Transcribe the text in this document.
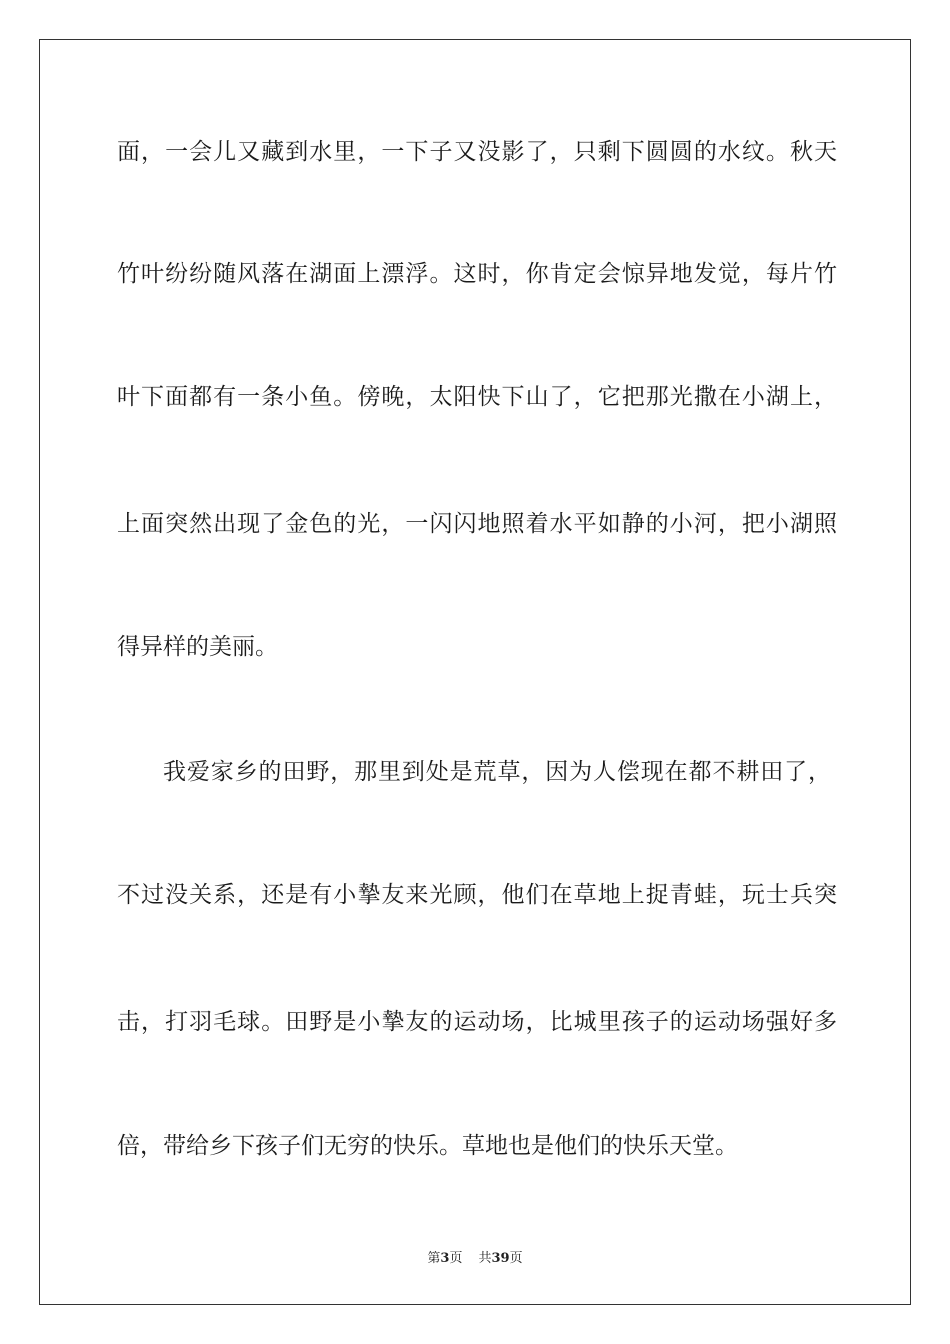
面，一会儿又藏到水里，一下子又没影了，只剩下圆圆的水纹。秋天
竹叶纷纷随风落在湖面上漂浮。这时，你肯定会惊异地发觉，每片竹
叶下面都有一条小鱼。傍晚，太阳快下山了，它把那光撒在小湖上，
上面突然出现了金色的光，一闪闪地照着水平如静的小河，把小湖照
得异样的美丽。
我爱家乡的田野，那里到处是荒草，因为人偿现在都不耕田了，
不过没关系，还是有小摯友来光顾，他们在草地上捉青蛙，玩士兵突
击，打羽毛球。田野是小摯友的运动场，比城里孩子的运动场强好多
倍，带给乡下孩子们无穷的快乐。草地也是他们的快乐天堂。
第3页 共39页
